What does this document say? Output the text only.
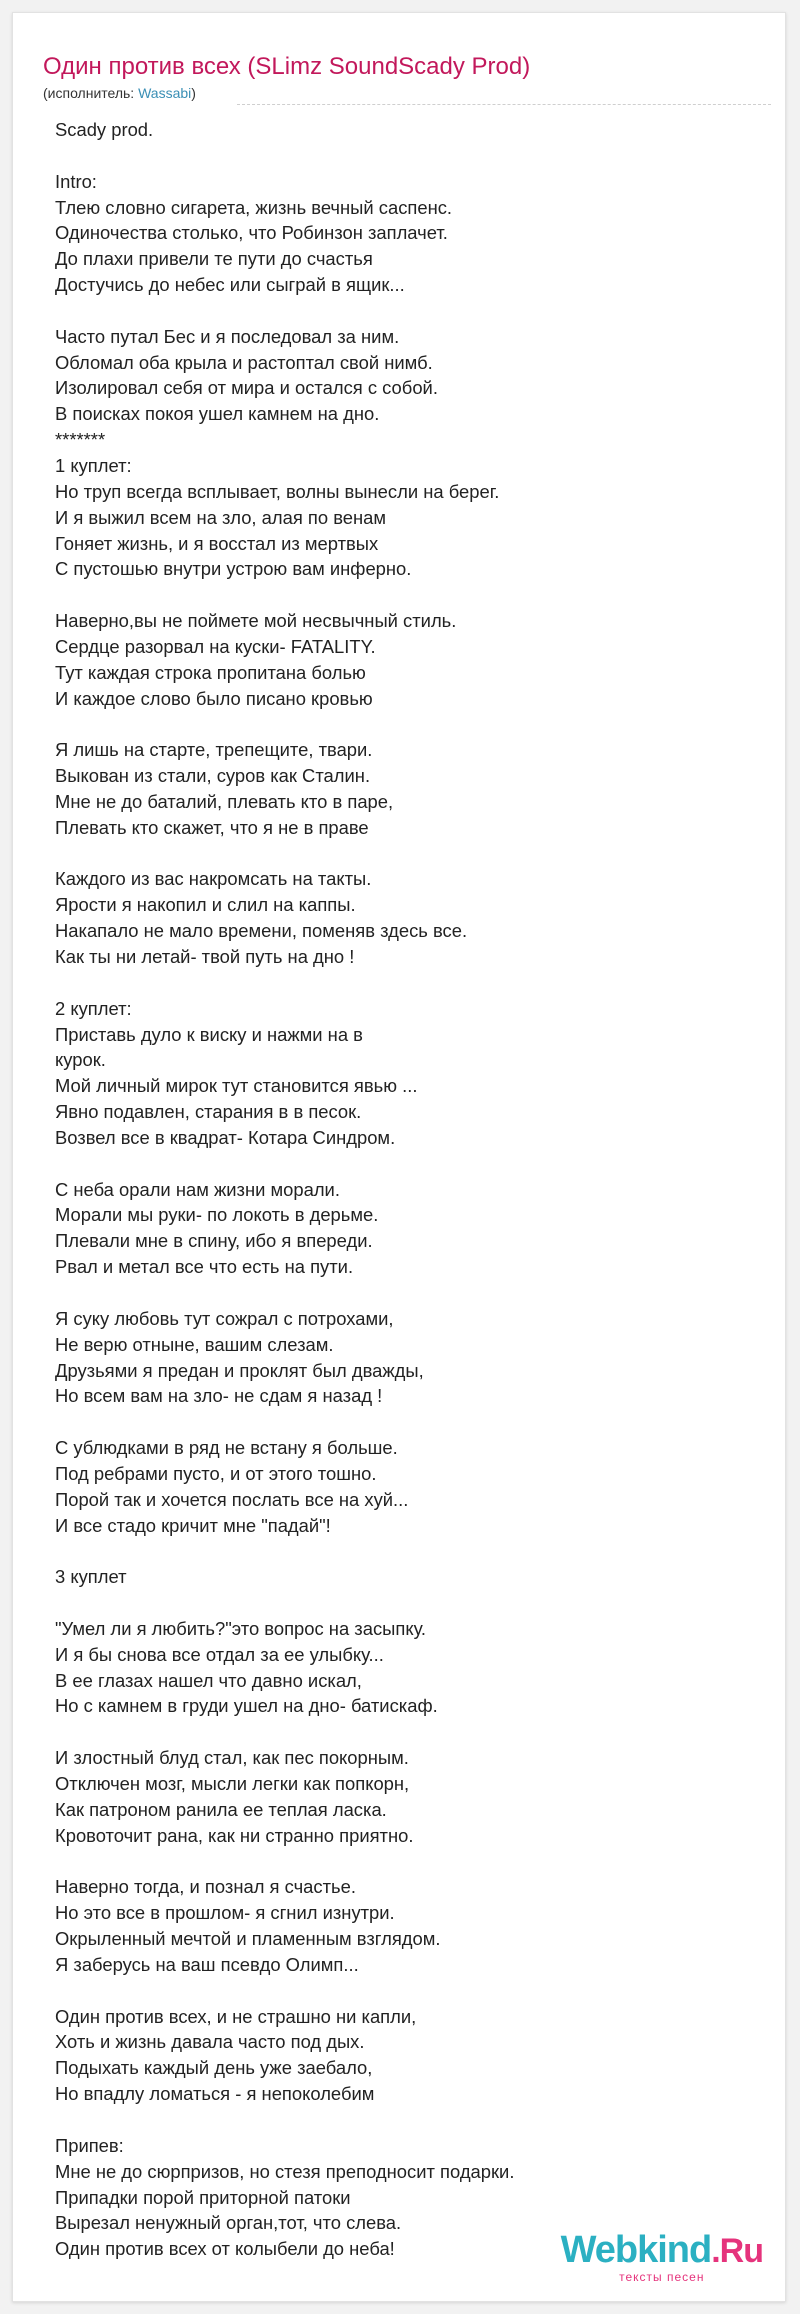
Один против всех (SLimz SoundScady Prod)
(исполнитель: Wassabi)
Scady prod.

Intro:
Тлею словно сигарета, жизнь вечный саспенс.
Одиночества столько, что Робинзон заплачет.
До плахи привели те пути до счастья
Достучись до небес или сыграй в ящик...

Часто путал Бес и я последовал за ним.
Обломал оба крыла и растоптал свой нимб.
Изолировал себя от мира и остался с собой.
В поисках покоя ушел камнем на дно.
*******
1 куплет:
Но труп всегда всплывает, волны вынесли на берег.
И я выжил всем на зло, алая по венам
Гоняет жизнь, и я восстал из мертвых
С пустошью внутри устрою вам инферно.

Наверно,вы не поймете мой несвычный стиль.
Сердце разорвал на куски- FATALITY.
Тут каждая строка пропитана болью
И каждое слово было писано кровью

Я лишь на старте, трепещите, твари.
Выкован из стали, суров как Сталин.
Мне не до баталий, плевать кто в паре,
Плевать кто скажет, что я не в праве

Каждого из вас накромсать на такты.
Ярости я накопил и слил на каппы.
Накапало не мало времени, поменяв здесь все.
Как ты ни летай- твой путь на дно !

2 куплет:
Приставь дуло к виску и нажми на в
курок.
Мой личный мирок тут становится явью ...
Явно подавлен, старания в в песок.
Возвел все в квадрат- Котара Синдром.

С неба орали нам жизни морали.
Морали мы руки- по локоть в дерьме.
Плевали мне в спину, ибо я впереди.
Рвал и метал все что есть на пути.

Я суку любовь тут сожрал с потрохами,
Не верю отныне, вашим слезам.
Друзьями я предан и проклят был дважды,
Но всем вам на зло- не сдам я назад !

С ублюдками в ряд не встану я больше.
Под ребрами пусто, и от этого тошно.
Порой так и хочется послать все на хуй...
И все стадо кричит мне "падай"!

3 куплет

"Умел ли я любить?"это вопрос на засыпку.
И я бы снова все отдал за ее улыбку...
В ее глазах нашел что давно искал,
Но с камнем в груди ушел на дно- батискаф.

И злостный блуд стал, как пес покорным.
Отключен мозг, мысли легки как попкорн,
Как патроном ранила ее теплая ласка.
Кровоточит рана, как ни странно приятно.

Наверно тогда, и познал я счастье.
Но это все в прошлом- я сгнил изнутри.
Окрыленный мечтой и пламенным взглядом.
Я заберусь на ваш псевдо Олимп...

Один против всех, и не страшно ни капли,
Хоть и жизнь давала часто под дых.
Подыхать каждый день уже заебало,
Но впадлу ломаться - я непоколебим

Припев:
Мне не до сюрпризов, но стезя преподносит подарки.
Припадки порой приторной патоки
Вырезал ненужный орган,тот, что слева.
Один против всех от колыбели до неба!	Webkind.Ru
тексты песен
